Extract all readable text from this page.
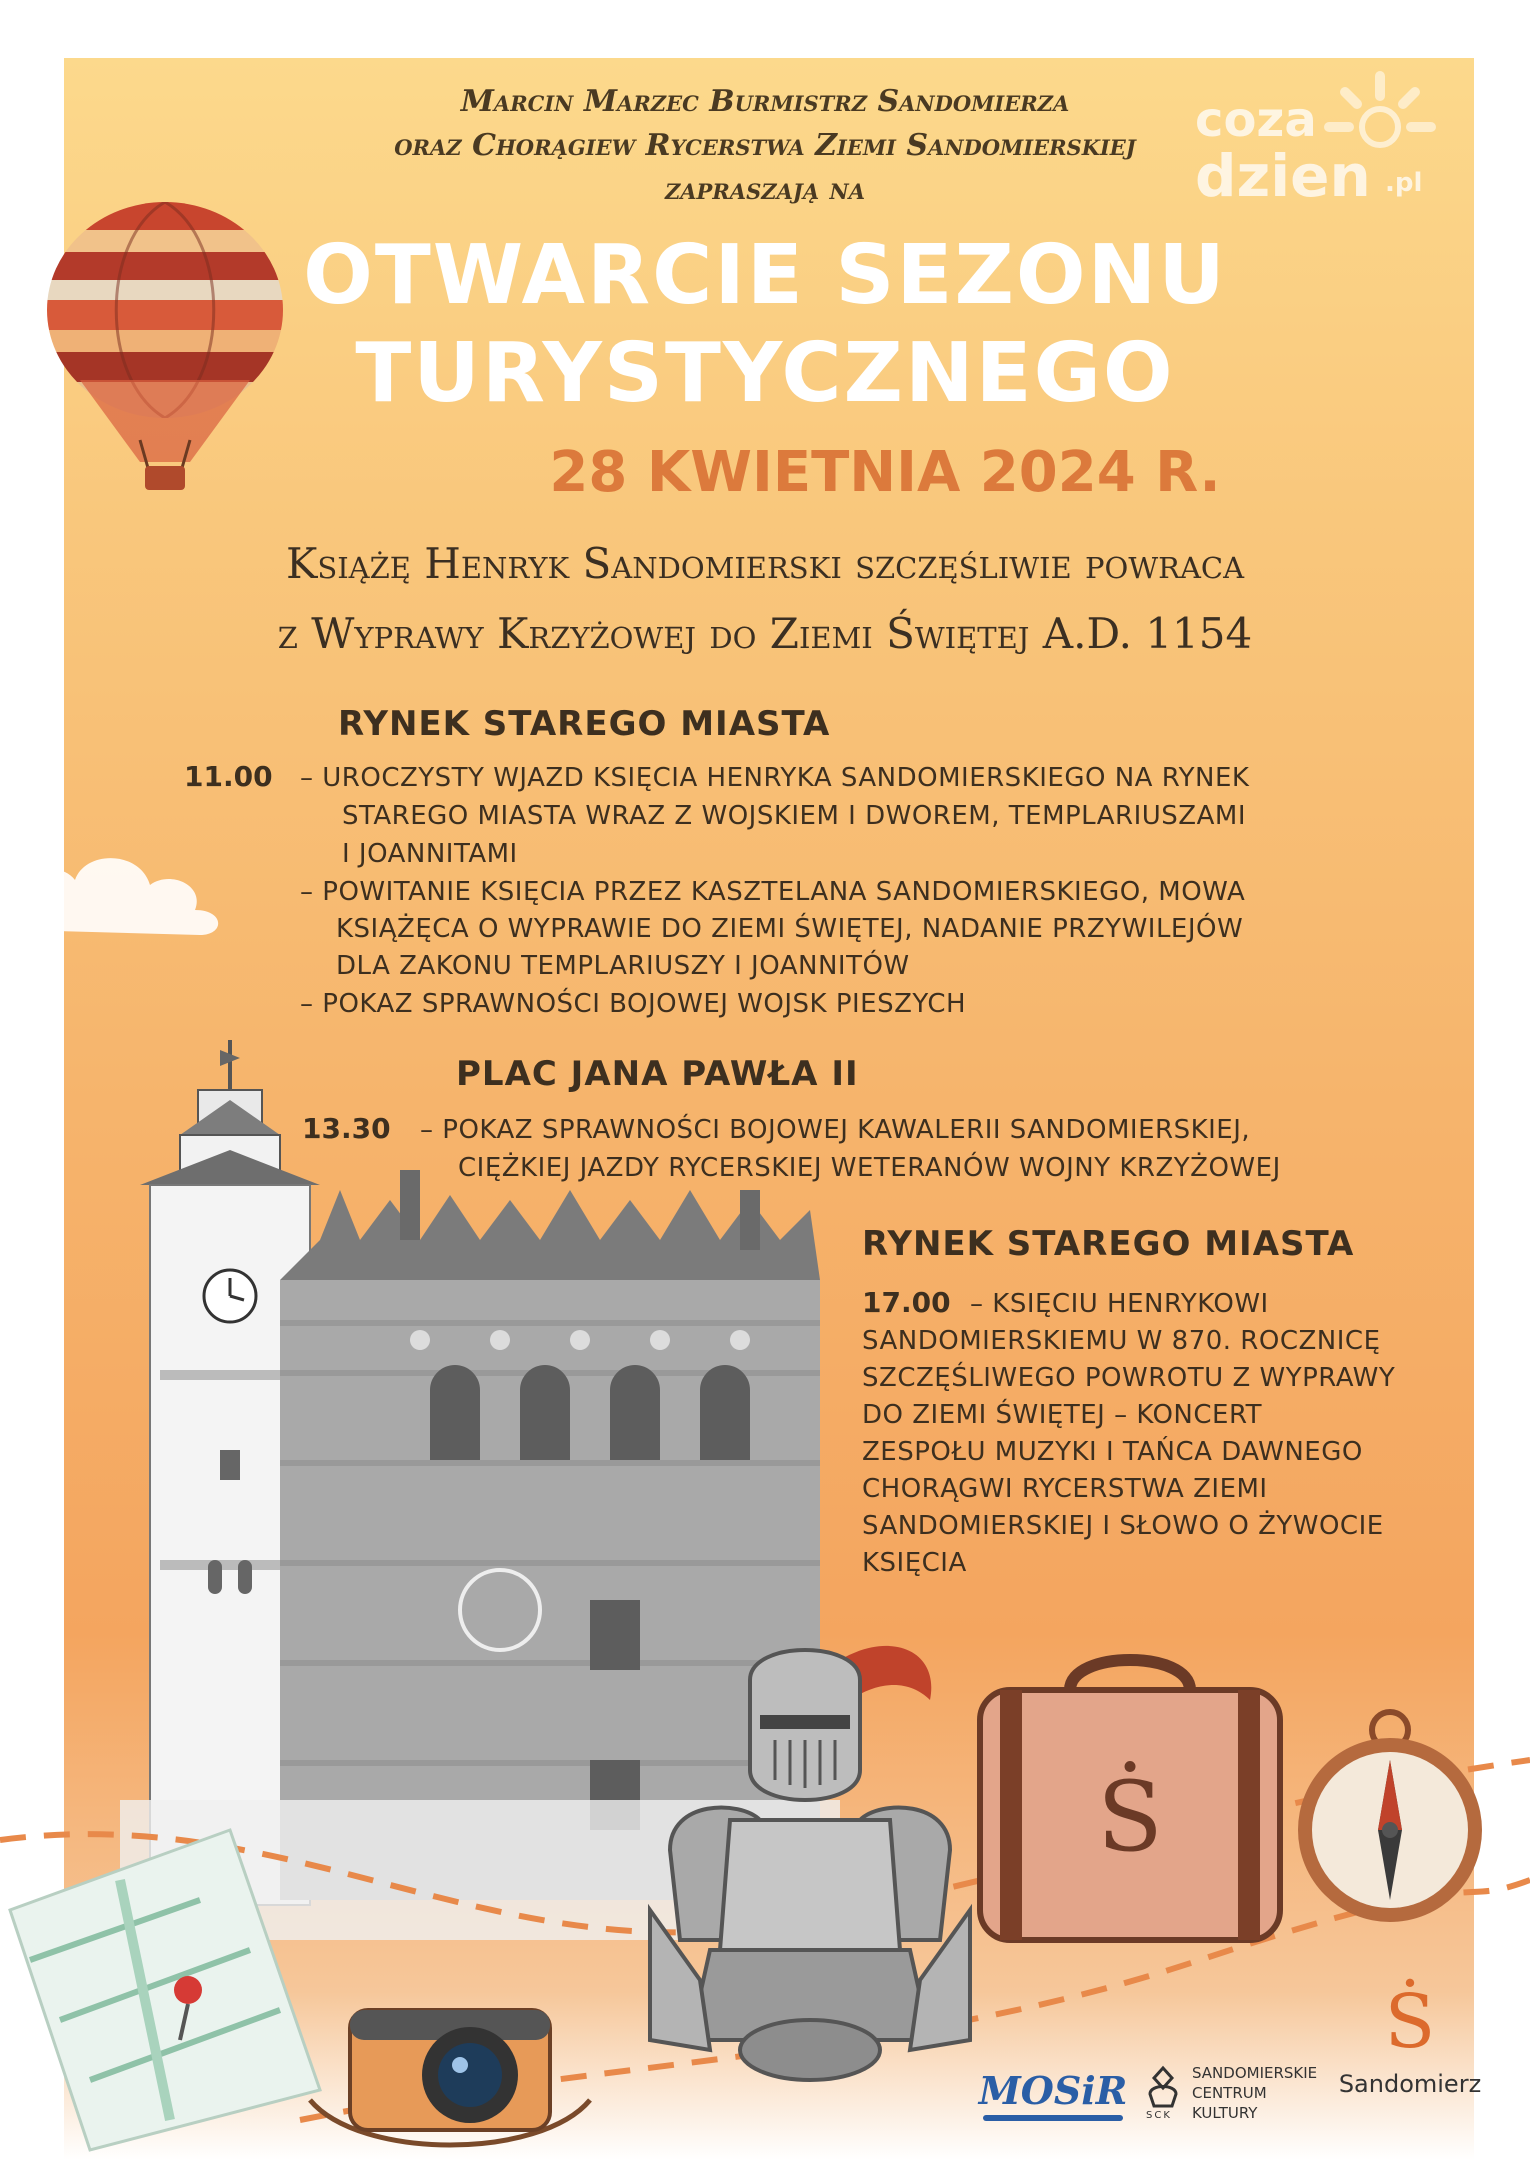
coza
dzien .pl
Marcin Marzec Burmistrz Sandomierza
oraz Chorągiew Rycerstwa Ziemi Sandomierskiej
zapraszają na
OTWARCIE SEZONU
TURYSTYCZNEGO
28 KWIETNIA 2024 R.
Książę Henryk Sandomierski szczęśliwie powraca
z Wyprawy Krzyżowej do Ziemi Świętej A.D. 1154
RYNEK STAREGO MIASTA
11.00 – UROCZYSTY WJAZD KSIĘCIA HENRYKA SANDOMIERSKIEGO NA RYNEK
STAREGO MIASTA WRAZ Z WOJSKIEM I DWOREM, TEMPLARIUSZAMI
I JOANNITAMI
– POWITANIE KSIĘCIA PRZEZ KASZTELANA SANDOMIERSKIEGO, MOWA
KSIĄŻĘCA O WYPRAWIE DO ZIEMI ŚWIĘTEJ, NADANIE PRZYWILEJÓW
DLA ZAKONU TEMPLARIUSZY I JOANNITÓW
– POKAZ SPRAWNOŚCI BOJOWEJ WOJSK PIESZYCH
PLAC JANA PAWŁA II
13.30 – POKAZ SPRAWNOŚCI BOJOWEJ KAWALERII SANDOMIERSKIEJ,
CIĘŻKIEJ JAZDY RYCERSKIEJ WETERANÓW WOJNY KRZYŻOWEJ
RYNEK STAREGO MIASTA
17.00 – KSIĘCIU HENRYKOWI
SANDOMIERSKIEMU W 870. ROCZNICĘ
SZCZĘŚLIWEGO POWROTU Z WYPRAWY
DO ZIEMI ŚWIĘTEJ – KONCERT
ZESPOŁU MUZYKI I TAŃCA DAWNEGO
CHORĄGWI RYCERSTWA ZIEMI
SANDOMIERSKIEJ I SŁOWO O ŻYWOCIE
KSIĘCIA
Ṡ
MOSiR
SCK
SANDOMIERSKIE
CENTRUM
KULTURY
Ṡ
Sandomierz
